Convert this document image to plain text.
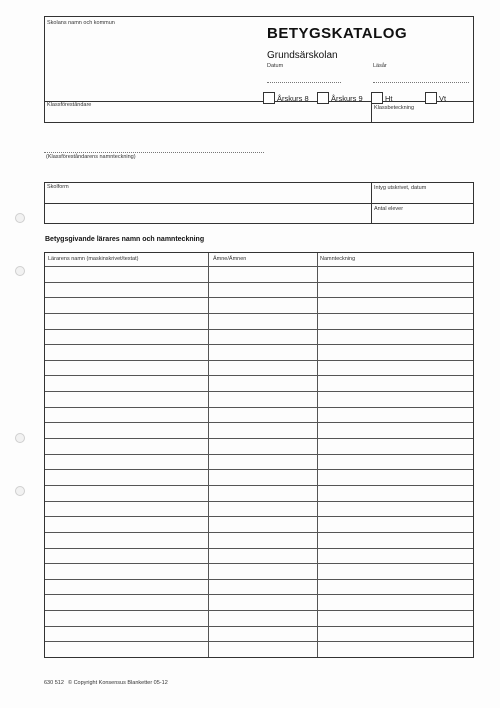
Skolans namn och kommun
BETYGSKATALOG
Grundsärskolan
Datum	Läsår
Klassföreståndare
Årskurs 8	Årskurs 9	Ht	Vt
Klassbeteckning
(Klassföreståndarens namnteckning)
Skolform	Intyg utskrivet, datum
Antal elever
Betygsgivande lärares namn och namnteckning
Lärarens namn (maskinskrivet/textat)	Ämne/Ämnen	Namnteckning
630 512 © Copyright Konsensus Blanketter 05-12
